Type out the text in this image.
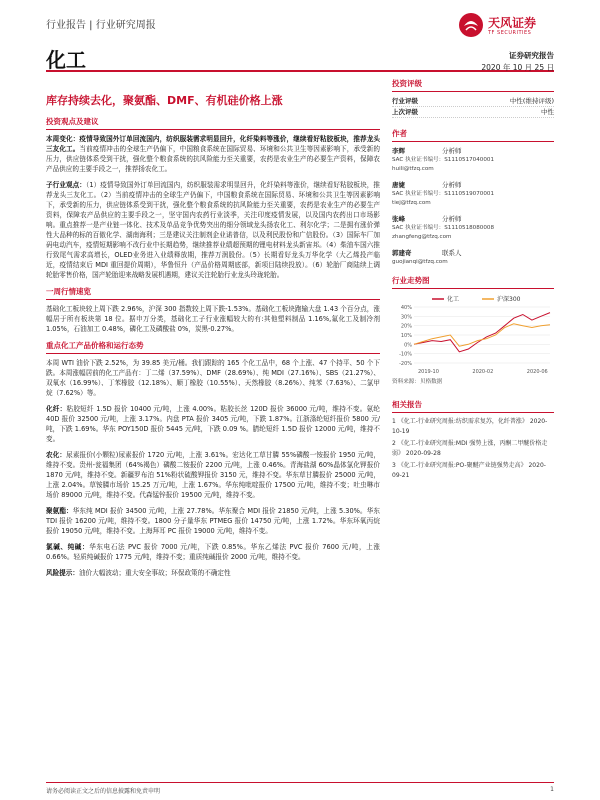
行业报告 | 行业研究周报	天风证券
TF SECURITIES
化工	证券研究报告
2020 年 10 月 25 日
库存持续去化，聚氨酯、DMF、有机硅价格上涨
投资观点及建议

本周变化：疫情导致国外订单回流国内，纺织服装需求明显回升，化纤染料等涨价，继续看好粘胶板块，推荐龙头三友化工。当前疫情冲击的全球生产仍偏下，中国粮食系统在国际贸易、环境和公共卫生等因素影响下，承受新的压力，供应链体系受到干扰，强化整个粮食系统的抗风险能力至关重要，农药是农业生产的必要生产资料，保障农产品供应的主要手段之一，推荐扬农化工。

子行业观点：（1）疫情导致国外订单回流国内，纺织服装需求明显回升，化纤染料等涨价，继续看好粘胶板块，推荐龙头三友化工。（2）当前疫情冲击的全球生产仍偏下，中国粮食系统在国际贸易、环境和公共卫生等因素影响下，承受新的压力，供应链体系受到干扰，强化整个粮食系统的抗风险能力至关重要，农药是农业生产的必要生产资料，保障农产品供应的主要手段之一，坚守国内农药行业淡季，关注印度疫情发展，以及国内农药出口市场影响。重点推荐一是产业链一体化、技术及单品竞争优势突出的细分领域龙头扬农化工、利尔化学；二是拥有涨价弹性大品种的标的百傲化学、湖南海利；三是建议关注制剂企业诺普信，以及利民股份和广信股份。（3）国际车厂加码电动汽车，疫情短期影响不改行业中长期趋势，继续推荐业绩超预期的锂电材料龙头新宙邦。（4）柴油车国六推行致尾气需求高增长，OLED业务进入业绩释放期，推荐万润股份。（5）长期看好龙头万华化学（大乙烯投产临近，疫情结束后 MDI 重回提价周期），华鲁恒升（产品价格周期底部，新项目陆续投放）。（6）轮胎厂商陆续上调轮胎零售价格，国产轮胎迎来战略发展机遇期，建议关注轮胎行业龙头玲珑轮胎。

一周行情速览

基础化工板块较上周下跌 2.96%，沪深 300 指数较上周下跌-1.53%。基础化工板块跑输大盘 1.43 个百分点，涨幅居于所有板块第 18 位。据申万分类，基础化工子行业涨幅较大的有:其他塑料制品 1.16%,氟化工及制冷剂 1.05%，石油加工 0.48%，磷化工及磷酸盐 0%，炭黑-0.27%。

重点化工产品价格和运行态势

本周 WTI 油价下跌 2.52%，为 39.85 美元/桶。我们跟踪的 165 个化工品中，68 个上涨、47 个持平、50 个下跌。本周涨幅居前的化工产品有：丁二烯（37.59%）、DMF（28.69%）、纯 MDI（27.16%）、SBS（21.27%）、双氧水（16.99%）、丁苯橡胶（12.18%）、顺丁橡胶（10.55%）、天然橡胶（8.26%）、纯苯（7.63%）、二氯甲烷（7.62%）等。

化纤：粘胶短纤 1.5D 报价 10400 元/吨，上涨 4.00%。粘胶长丝 120D 报价 36000 元/吨，维持不变。氨纶 40D 报价 32500 元/吨，上涨 3.17%。内盘 PTA 报价 3405 元/吨，下跌 1.87%。江浙涤纶短纤报价 5800 元/吨，下跌 1.69%。华东 POY150D 报价 5445 元/吨，下跌 0.09 %。腈纶短纤 1.5D 报价 12000 元/吨，维持不变。

农化：尿素报价(小颗粒)尿素报价 1720 元/吨，上涨 3.61%。宏达化工草甘膦 55%磷酸一铵报价 1950 元/吨，维持不变。贵州-瓮福集团（64%褐色）磷酸二铵报价 2200 元/吨，上涨 0.46%。青海盐湖 60%晶体氯化钾报价 1870 元/吨，维持不变。新疆罗布泊 51%粉状硫酸钾报价 3150 元，维持不变。华东草甘膦报价 25000 元/吨，上涨 2.04%。草铵膦市场价 15.25 万元/吨，上涨 1.67%。华东纯吡啶报价 17500 元/吨，维持不变；吐虫啉市场价 89000 元/吨，维持不变。代森锰锌报价 19500 元/吨，维持不变。

聚氨酯：华东纯 MDI 报价 34500 元/吨，上涨 27.78%。华东聚合 MDI 报价 21850 元/吨，上涨 5.30%。华东 TDI 报价 16200 元/吨，维持不变。1800 分子量华东 PTMEG 报价 14750 元/吨，上涨 1.72%。华东环氧丙烷报价 19050 元/吨，维持不变。上海拜耳 PC 报价 19000 元/吨，维持不变。

氯碱、纯碱：华东电石法 PVC 报价 7000 元/吨，下跌 0.85%。华东乙烯法 PVC 报价 7600 元/吨，上涨 0.66%。轻质纯碱报价 1775 元/吨，维持不变；重质纯碱报价 2000 元/吨，维持不变。

风险提示：油价大幅波动；重大安全事故；环保政策的不确定性

投资评级
行业评级	中性(维持评级)
上次评级	中性
作者
李辉	分析师
SAC 执业证书编号：S1110517040001
huili@tfzq.com
唐婕	分析师
SAC 执业证书编号：S1110519070001
tiej@tfzq.com
张峰	分析师
SAC 执业证书编号：S1110518080008
zhangfeng@tfzq.com
郭建奇	联系人
guojianqi@tfzq.com
行业走势图
化工	沪深300
40%
30%
20%
10%
0%
-10%
-20%
2019-10	2020-02	2020-06
资料来源：贝格数据
相关报告
1 《化工-行业研究周报:纺织需求复苏，化纤普涨》 2020-10-19
2 《化工-行业研究周报:MDI 强势上涨，丙酮二甲醚价格走弱》 2020-09-28
3 《化工-行业研究周报:PO-聚醚产业链强势走高》 2020-09-21
请务必阅读正文之后的信息披露和免责申明	1
